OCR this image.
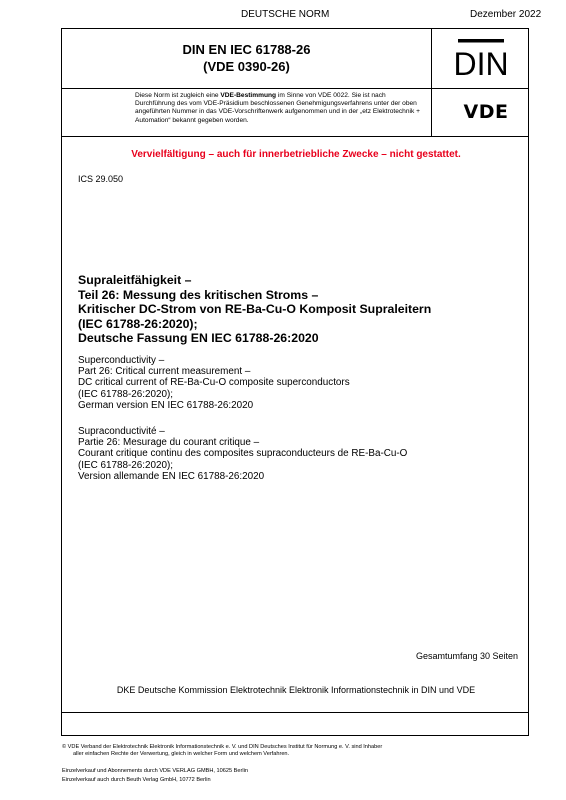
DEUTSCHE NORM	Dezember 2022
DIN EN IEC 61788-26
(VDE 0390-26)	DIN
Diese Norm ist zugleich eine VDE-Bestimmung im Sinne von VDE 0022. Sie ist nach Durchführung des vom VDE-Präsidium beschlossenen Genehmigungsverfahrens unter der oben angeführten Nummer in das VDE-Vorschriftenwerk aufgenommen und in der „etz Elektrotechnik + Automation“ bekannt gegeben worden.	VDE
Vervielfältigung – auch für innerbetriebliche Zwecke – nicht gestattet.
ICS 29.050
Supraleitfähigkeit –
Teil 26: Messung des kritischen Stroms –
Kritischer DC-Strom von RE-Ba-Cu-O Komposit Supraleitern
(IEC 61788-26:2020);
Deutsche Fassung EN IEC 61788-26:2020
Superconductivity –
Part 26: Critical current measurement –
DC critical current of RE-Ba-Cu-O composite superconductors
(IEC 61788-26:2020);
German version EN IEC 61788-26:2020
Supraconductivité –
Partie 26: Mesurage du courant critique –
Courant critique continu des composites supraconducteurs de RE-Ba-Cu-O
(IEC 61788-26:2020);
Version allemande EN IEC 61788-26:2020
Gesamtumfang 30 Seiten
DKE Deutsche Kommission Elektrotechnik Elektronik Informationstechnik in DIN und VDE
© VDE Verband der Elektrotechnik Elektronik Informationstechnik e. V. und DIN Deutsches Institut für Normung e. V. sind Inhaber
aller einfachen Rechte der Verwertung, gleich in welcher Form und welchem Verfahren.
Einzelverkauf und Abonnements durch VDE VERLAG GMBH, 10625 Berlin
Einzelverkauf auch durch Beuth Verlag GmbH, 10772 Berlin
